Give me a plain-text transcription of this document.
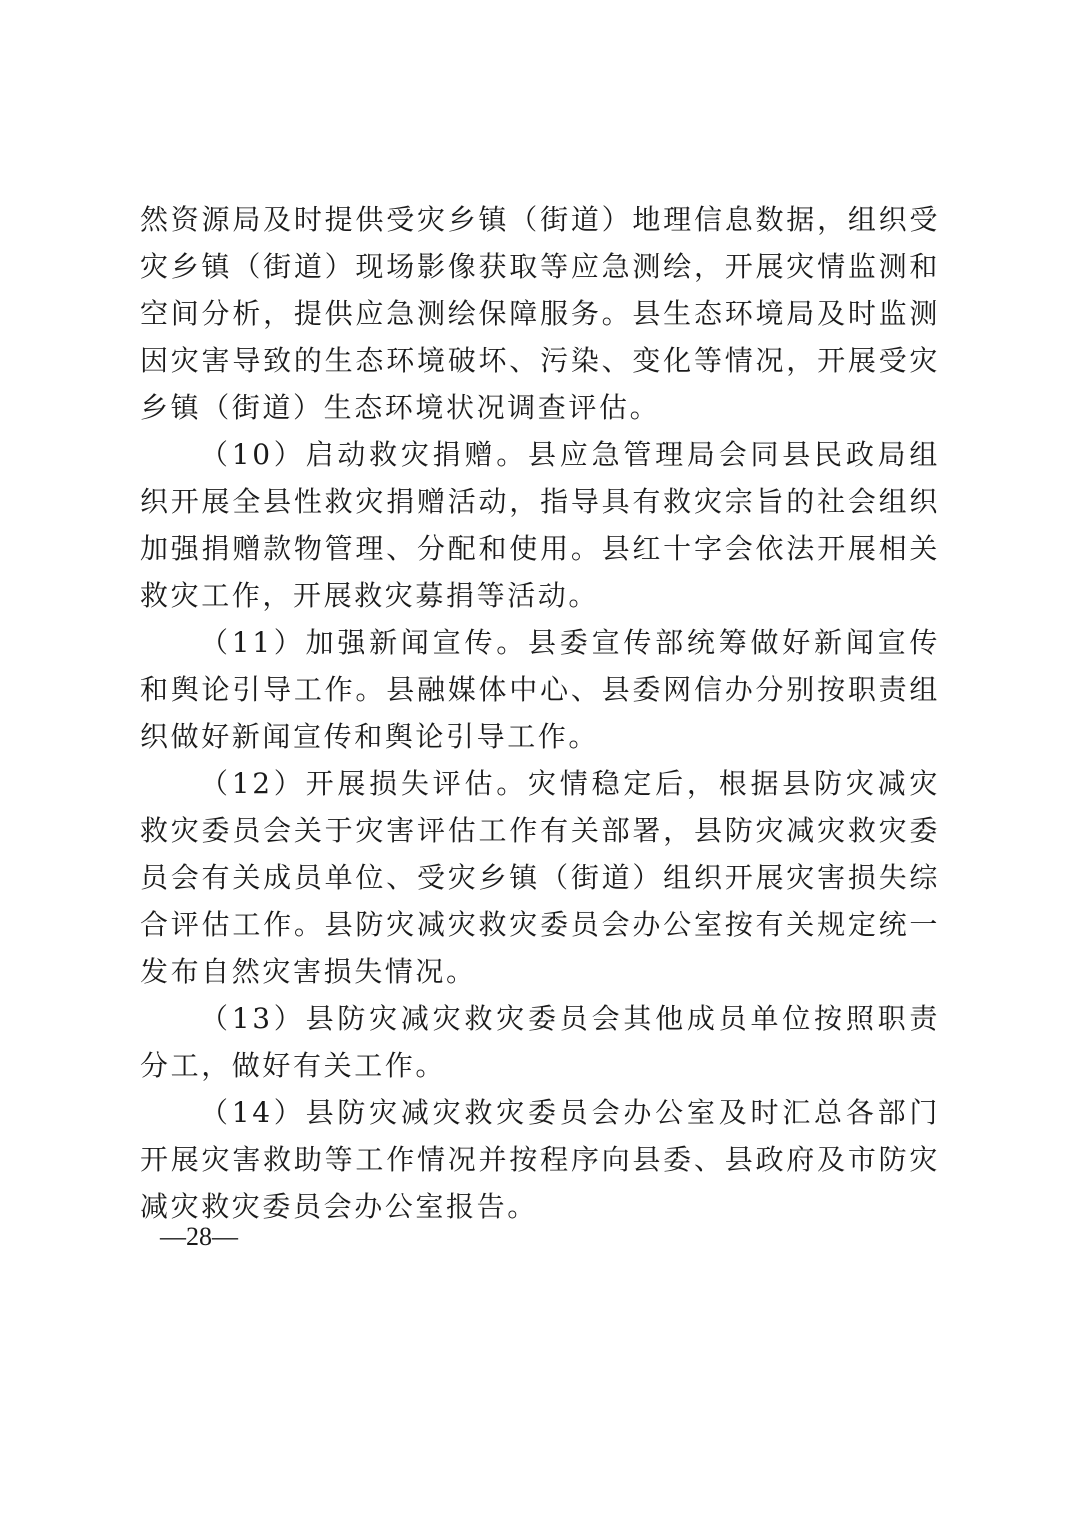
然资源局及时提供受灾乡镇（街道）地理信息数据，组织受灾乡镇（街道）现场影像获取等应急测绘，开展灾情监测和空间分析，提供应急测绘保障服务。县生态环境局及时监测因灾害导致的生态环境破坏、污染、变化等情况，开展受灾乡镇（街道）生态环境状况调查评估。

（10）启动救灾捐赠。县应急管理局会同县民政局组织开展全县性救灾捐赠活动，指导具有救灾宗旨的社会组织加强捐赠款物管理、分配和使用。县红十字会依法开展相关救灾工作，开展救灾募捐等活动。

（11）加强新闻宣传。县委宣传部统筹做好新闻宣传和舆论引导工作。县融媒体中心、县委网信办分别按职责组织做好新闻宣传和舆论引导工作。

（12）开展损失评估。灾情稳定后，根据县防灾减灾救灾委员会关于灾害评估工作有关部署，县防灾减灾救灾委员会有关成员单位、受灾乡镇（街道）组织开展灾害损失综合评估工作。县防灾减灾救灾委员会办公室按有关规定统一发布自然灾害损失情况。

（13）县防灾减灾救灾委员会其他成员单位按照职责分工，做好有关工作。

（14）县防灾减灾救灾委员会办公室及时汇总各部门开展灾害救助等工作情况并按程序向县委、县政府及市防灾减灾救灾委员会办公室报告。

—28—
